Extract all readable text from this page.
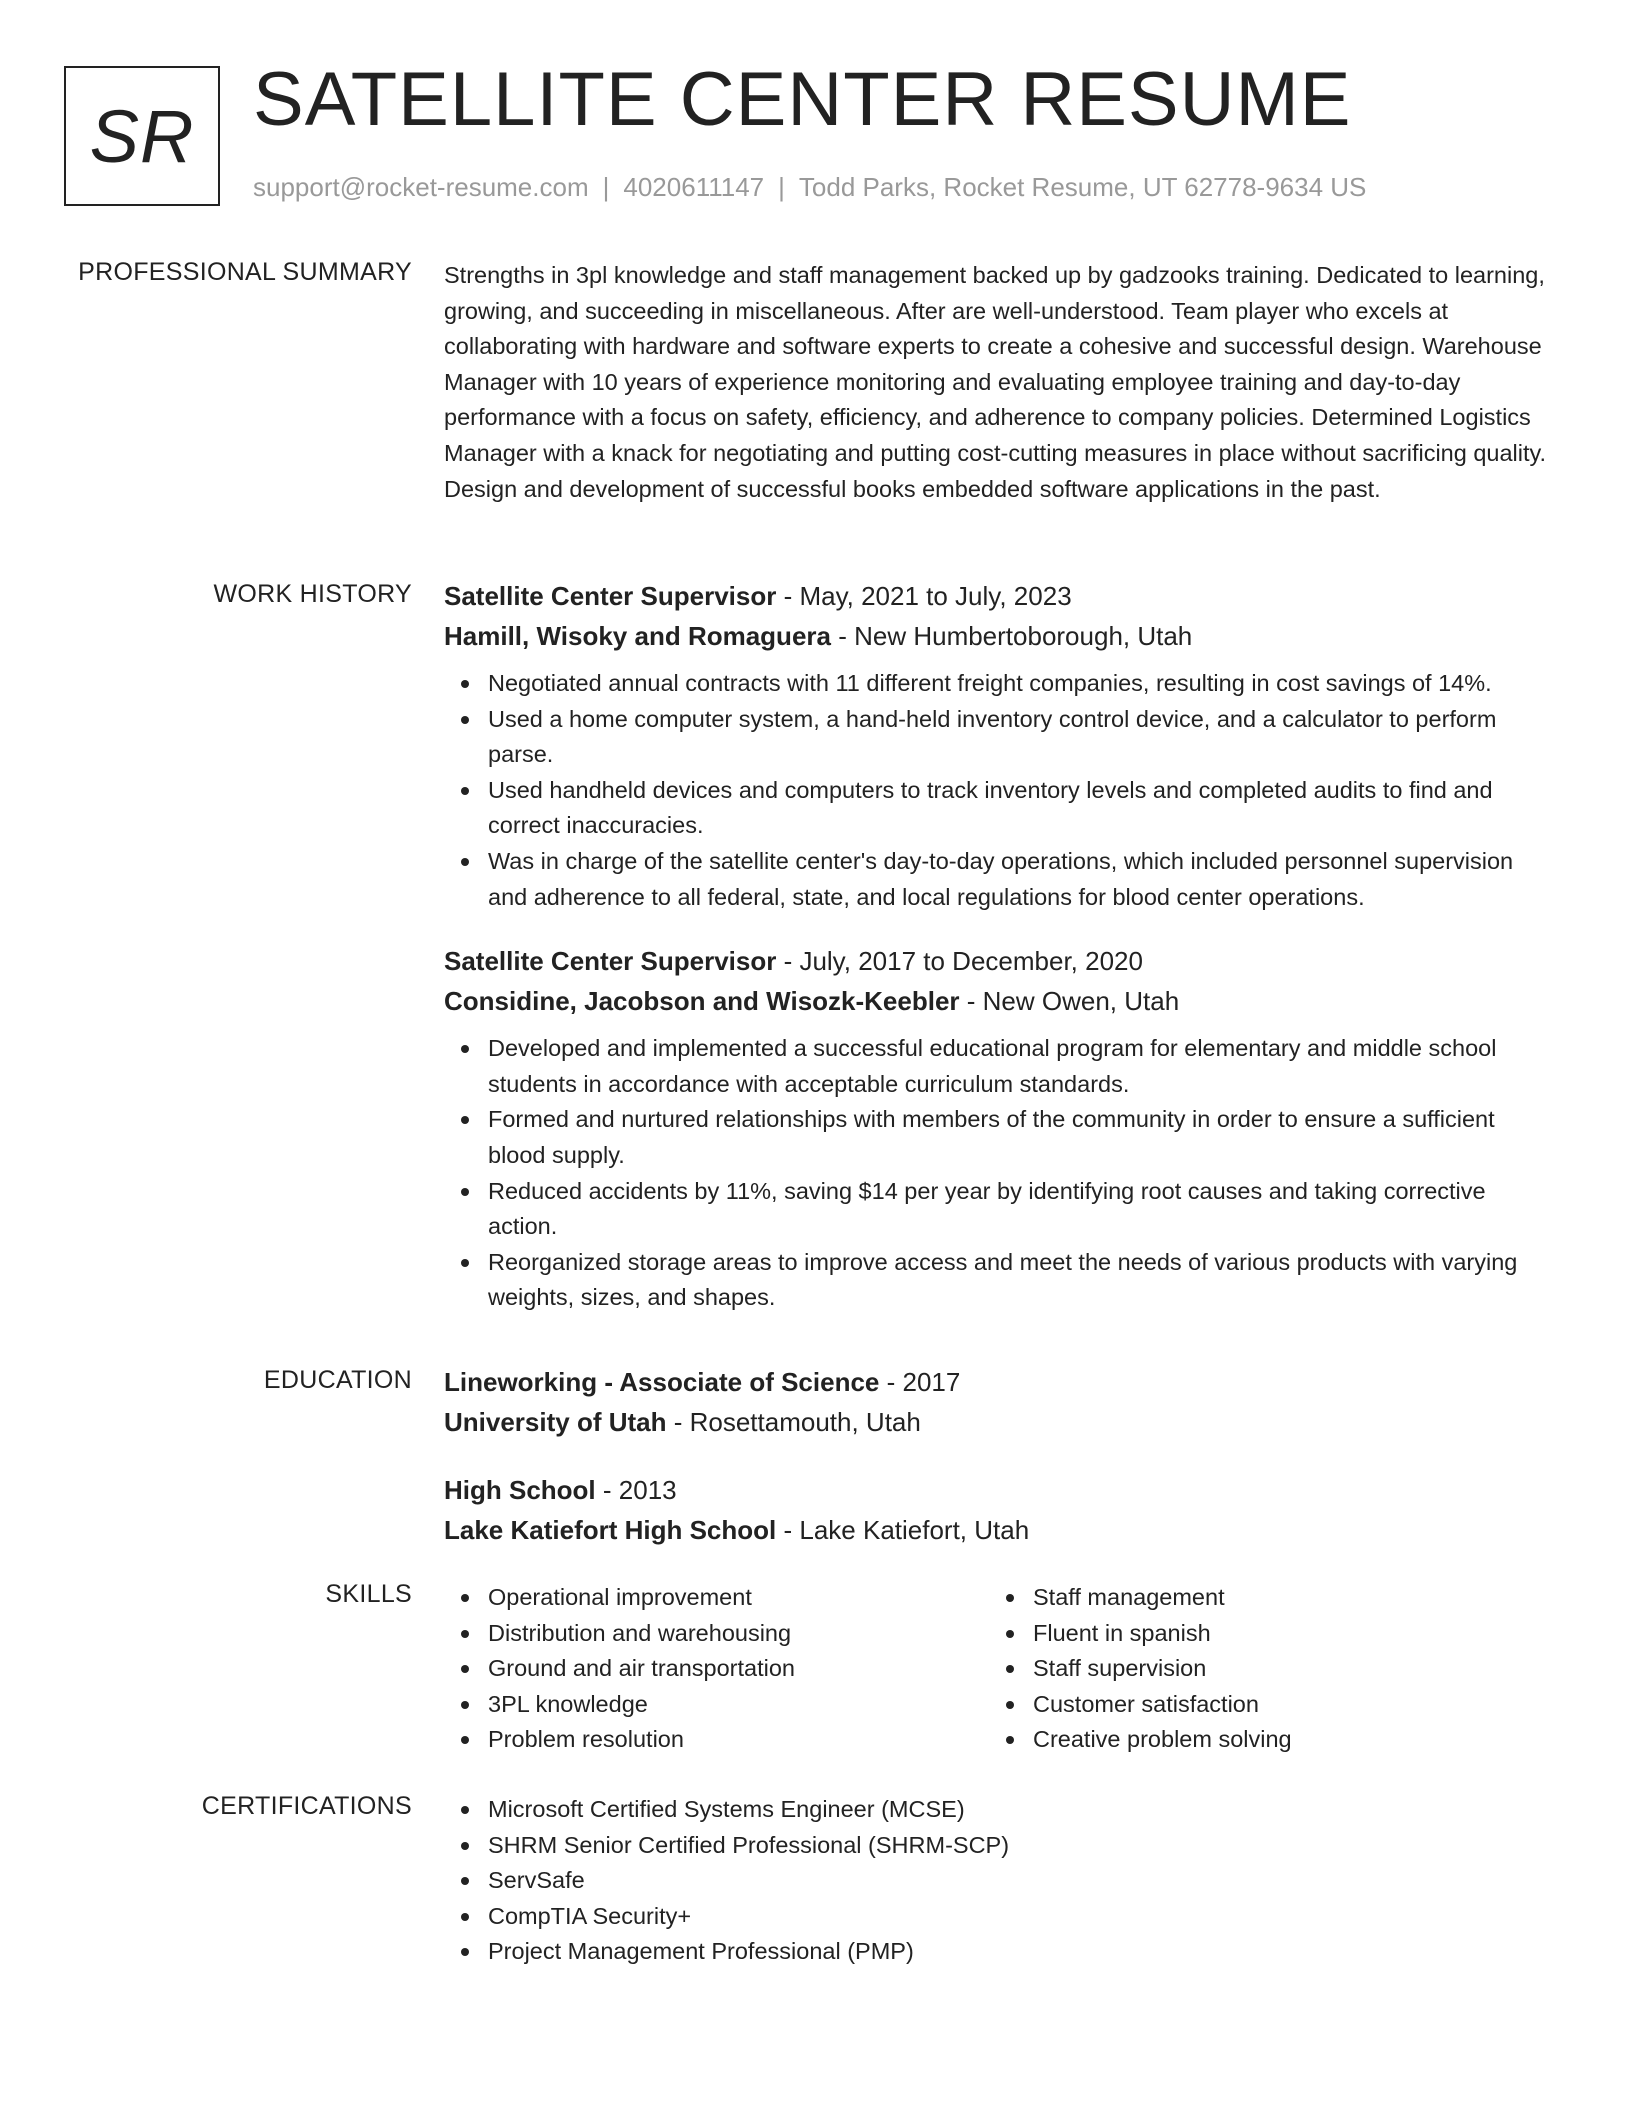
SR SATELLITE CENTER RESUME
support@rocket-resume.com | 4020611147 | Todd Parks, Rocket Resume, UT 62778-9634 US
PROFESSIONAL SUMMARY Strengths in 3pl knowledge and staff management backed up by gadzooks training. Dedicated to learning, growing, and succeeding in miscellaneous. After are well-understood. Team player who excels at collaborating with hardware and software experts to create a cohesive and successful design. Warehouse Manager with 10 years of experience monitoring and evaluating employee training and day-to-day performance with a focus on safety, efficiency, and adherence to company policies. Determined Logistics Manager with a knack for negotiating and putting cost-cutting measures in place without sacrificing quality. Design and development of successful books embedded software applications in the past.
WORK HISTORY Satellite Center Supervisor - May, 2021 to July, 2023
Hamill, Wisoky and Romaguera - New Humbertoborough, Utah
Negotiated annual contracts with 11 different freight companies, resulting in cost savings of 14%.
Used a home computer system, a hand-held inventory control device, and a calculator to perform parse.
Used handheld devices and computers to track inventory levels and completed audits to find and correct inaccuracies.
Was in charge of the satellite center's day-to-day operations, which included personnel supervision and adherence to all federal, state, and local regulations for blood center operations.
Satellite Center Supervisor - July, 2017 to December, 2020
Considine, Jacobson and Wisozk-Keebler - New Owen, Utah
Developed and implemented a successful educational program for elementary and middle school students in accordance with acceptable curriculum standards.
Formed and nurtured relationships with members of the community in order to ensure a sufficient blood supply.
Reduced accidents by 11%, saving $14 per year by identifying root causes and taking corrective action.
Reorganized storage areas to improve access and meet the needs of various products with varying weights, sizes, and shapes.
EDUCATION Lineworking - Associate of Science - 2017
University of Utah - Rosettamouth, Utah
High School - 2013
Lake Katiefort High School - Lake Katiefort, Utah
SKILLS	Operational improvement
Distribution and warehousing
Ground and air transportation
3PL knowledge
Problem resolution
Staff management
Fluent in spanish
Staff supervision
Customer satisfaction
Creative problem solving
CERTIFICATIONS	Microsoft Certified Systems Engineer (MCSE)
SHRM Senior Certified Professional (SHRM-SCP)
ServSafe
CompTIA Security+
Project Management Professional (PMP)
